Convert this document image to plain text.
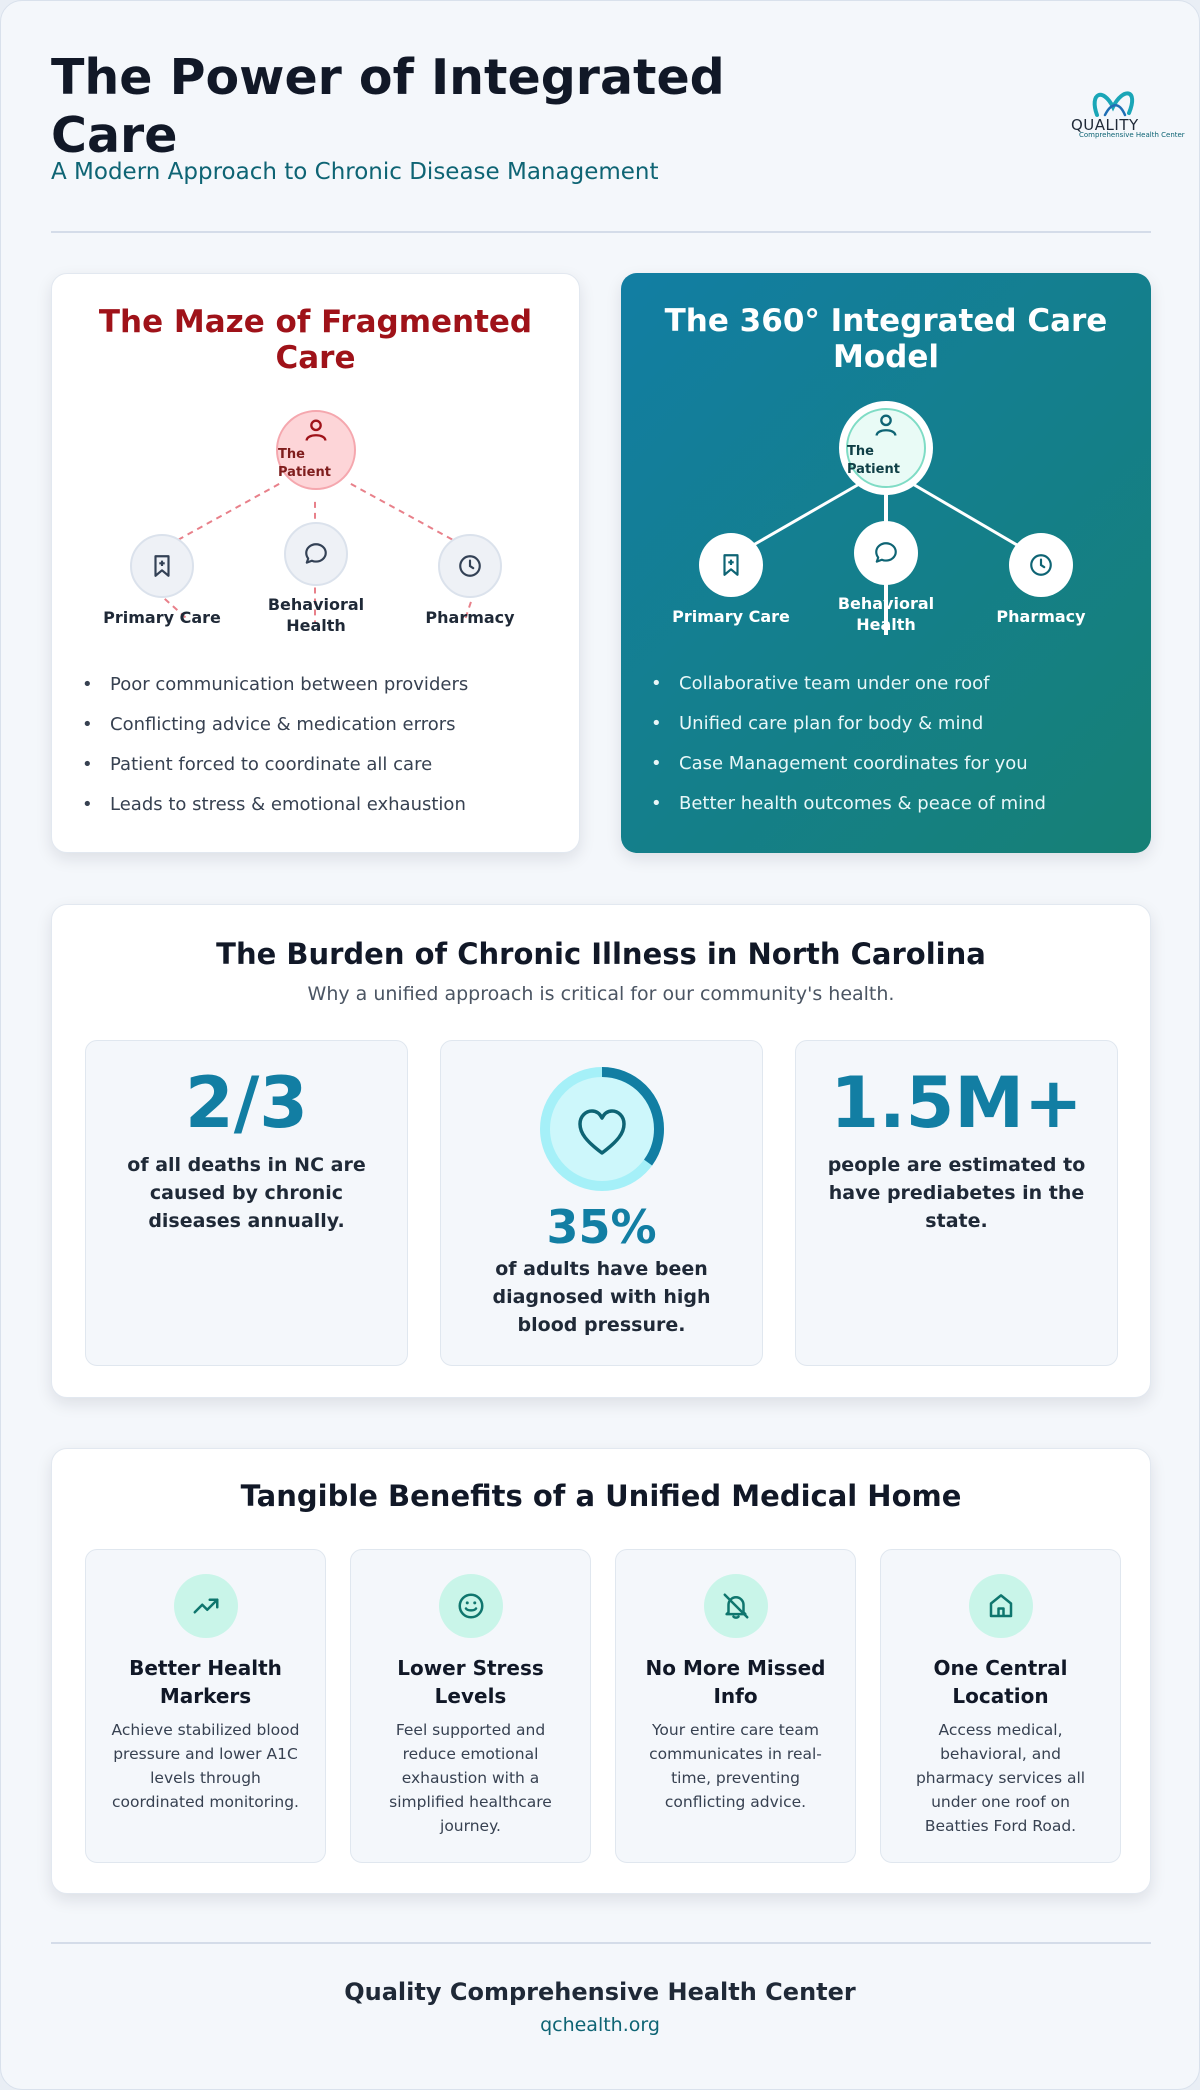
The Power of Integrated Care
A Modern Approach to Chronic Disease Management
QUALITY
Comprehensive Health Center
The Maze of Fragmented Care
The Patient
Primary Care
Behavioral Health	Pharmacy
• Poor communication between providers
• Conflicting advice & medication errors
• Patient forced to coordinate all care
• Leads to stress & emotional exhaustion
The 360° Integrated Care Model
The Patient
Primary Care
Behavioral Health	Pharmacy
• Collaborative team under one roof
• Unified care plan for body & mind
• Case Management coordinates for you
• Better health outcomes & peace of mind
The Burden of Chronic Illness in North Carolina
Why a unified approach is critical for our community's health.
2/3
of all deaths in NC are caused by chronic diseases annually.	35%
of adults have been diagnosed with high blood pressure.
1.5M+
people are estimated to have prediabetes in the state.
Tangible Benefits of a Unified Medical Home
Better Health Markers
Achieve stabilized blood pressure and lower A1C levels through coordinated monitoring.
Lower Stress Levels
Feel supported and reduce emotional exhaustion with a simplified healthcare journey.
No More Missed Info
Your entire care team communicates in real-time, preventing conflicting advice.
One Central Location
Access medical, behavioral, and pharmacy services all under one roof on Beatties Ford Road.
Quality Comprehensive Health Center
qchealth.org
